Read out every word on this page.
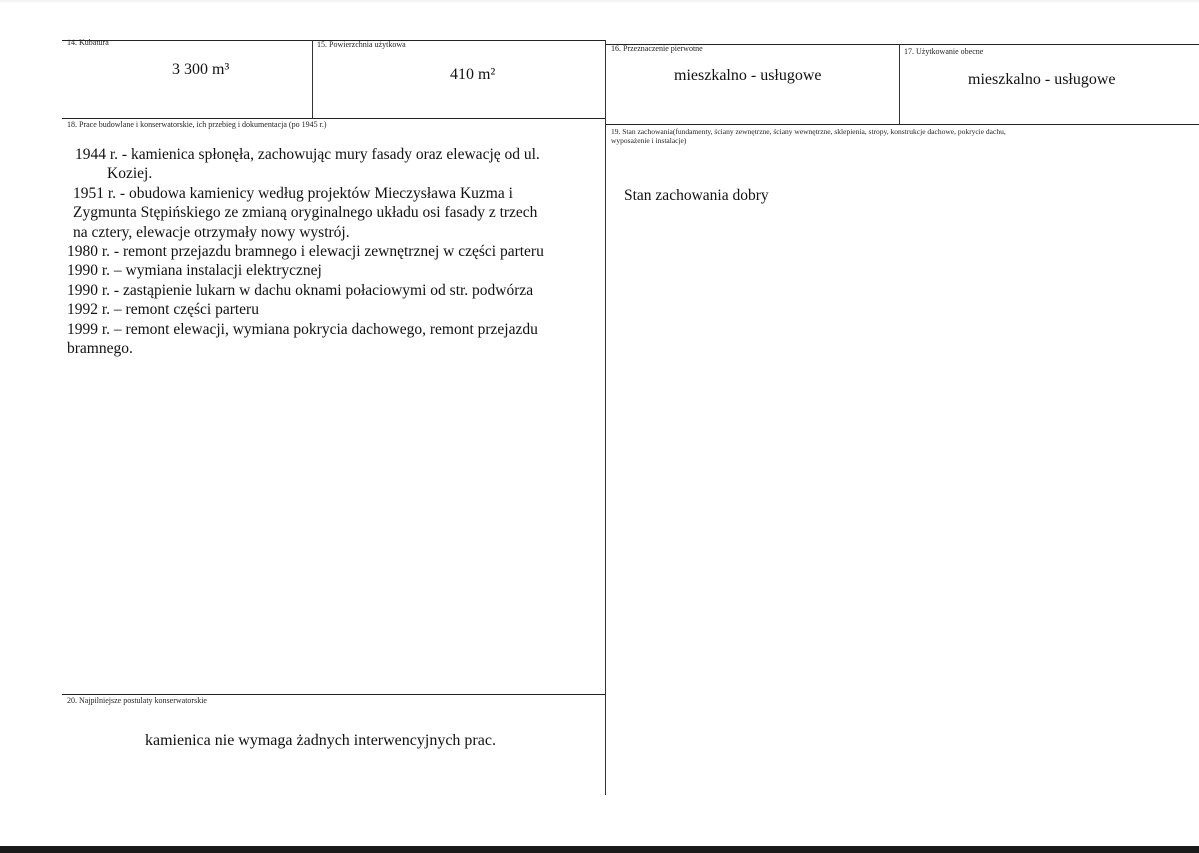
14. Kubatura
3 300 m³
15. Powierzchnia użytkowa
410 m²
16. Przeznaczenie pierwotne
mieszkalno - usługowe
17. Użytkowanie obecne
mieszkalno - usługowe
18. Prace budowlane i konserwatorskie, ich przebieg i dokumentacja (po 1945 r.)
1944 r. - kamienica spłonęła, zachowując mury fasady oraz elewację od ul.
Koziej.
1951 r. - obudowa kamienicy według projektów Mieczysława Kuzma i
Zygmunta Stępińskiego ze zmianą oryginalnego układu osi fasady z trzech
na cztery, elewacje otrzymały nowy wystrój.
1980 r. - remont przejazdu bramnego i elewacji zewnętrznej w części parteru
1990 r. – wymiana instalacji elektrycznej
1990 r. - zastąpienie lukarn w dachu oknami połaciowymi od str. podwórza
1992 r. – remont części parteru
1999 r. – remont elewacji, wymiana pokrycia dachowego, remont przejazdu
bramnego.
19. Stan zachowania(fundamenty, ściany zewnętrzne, ściany wewnętrzne, sklepienia, stropy, konstrukcje dachowe, pokrycie dachu,
wyposażenie i instalacje)
Stan zachowania dobry
20. Najpilniejsze postulaty konserwatorskie
kamienica nie wymaga żadnych interwencyjnych prac.
